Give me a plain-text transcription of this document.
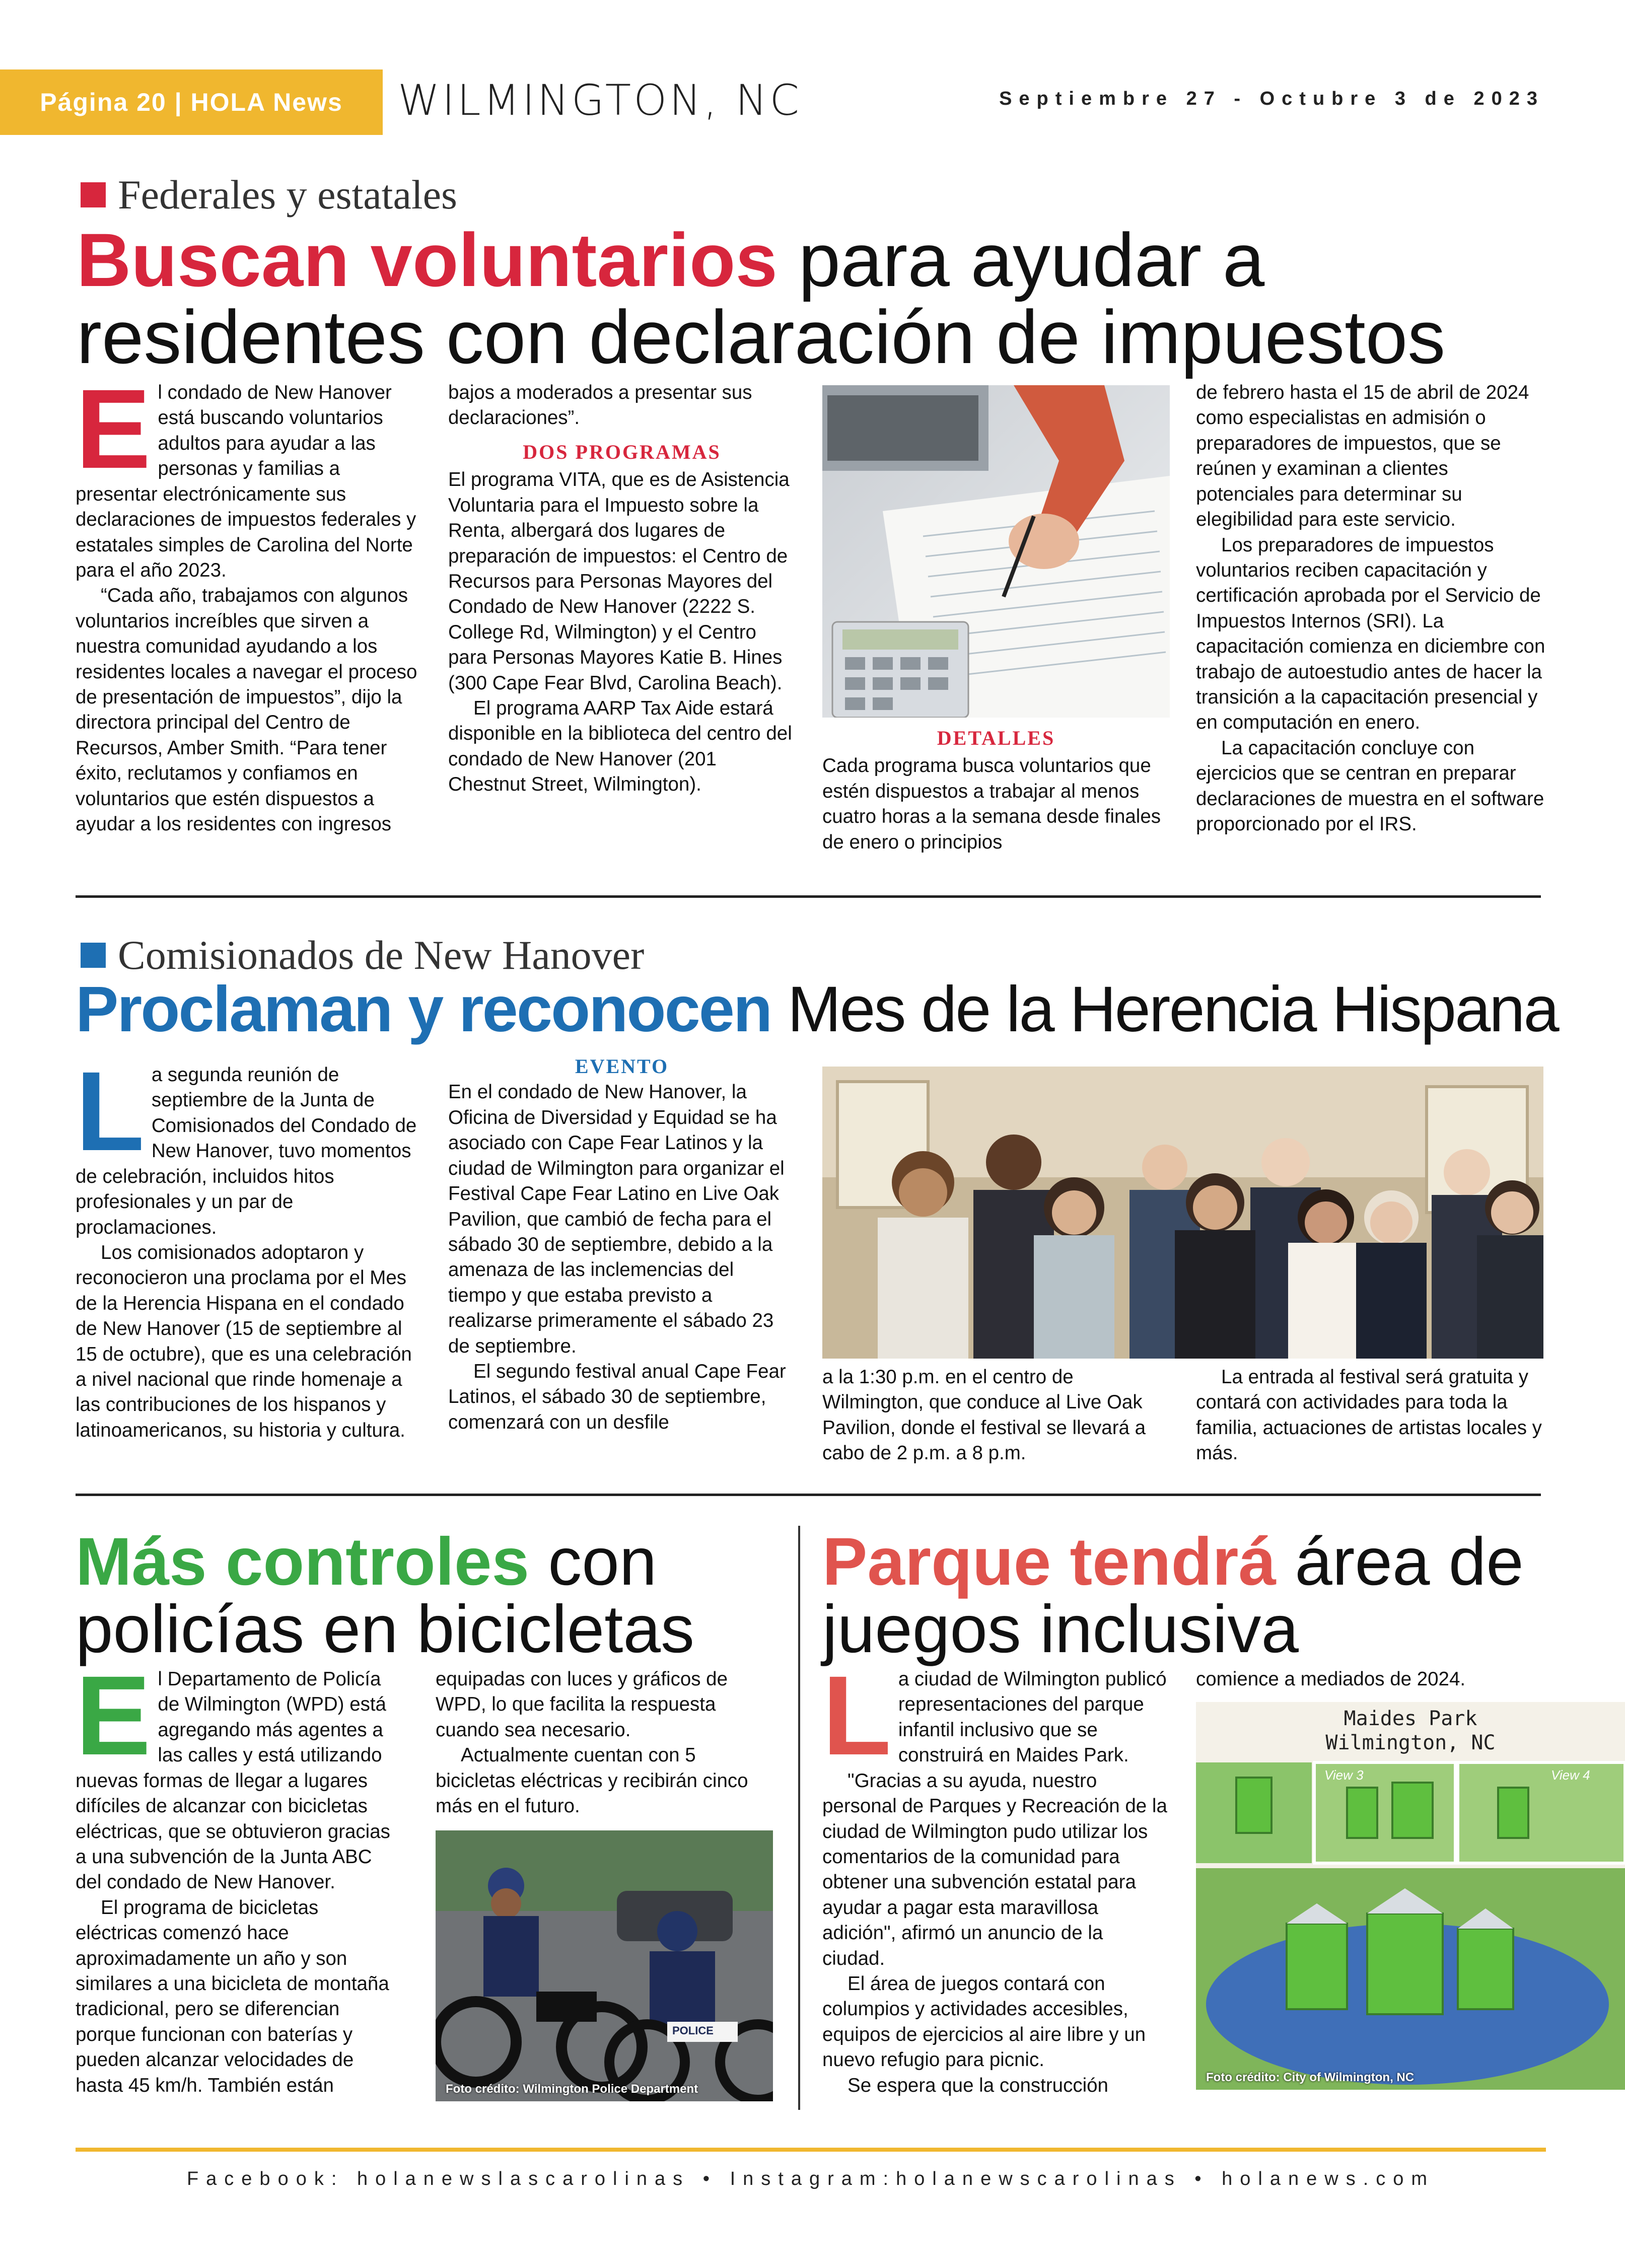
Página 20 | HOLA News	WILMINGTON, NC	Septiembre 27 - Octubre 3 de 2023
Federales y estatales
Buscan voluntarios para ayudar a residentes con declaración de impuestos
E l condado de New Hanover está buscando voluntarios adultos para ayudar a las personas y familias a presentar electrónicamente sus declaraciones de impuestos federales y estatales simples de Carolina del Norte para el año 2023.

“Cada año, trabajamos con algunos voluntarios increíbles que sirven a nuestra comunidad ayudando a los residentes locales a navegar el proceso de presentación de impuestos”, dijo la directora principal del Centro de Recursos, Amber Smith. “Para tener éxito, reclutamos y confiamos en voluntarios que estén dispuestos a ayudar a los residentes con ingresos

bajos a moderados a presentar sus declaraciones”.

DOS PROGRAMAS

El programa VITA, que es de Asistencia Voluntaria para el Impuesto sobre la Renta, albergará dos lugares de preparación de impuestos: el Centro de Recursos para Personas Mayores del Condado de New Hanover (2222 S. College Rd, Wilmington) y el Centro para Personas Mayores Katie B. Hines (300 Cape Fear Blvd, Carolina Beach).

El programa AARP Tax Aide estará disponible en la biblioteca del centro del condado de New Hanover (201 Chestnut Street, Wilmington).

DETALLES

Cada programa busca voluntarios que estén dispuestos a trabajar al menos cuatro horas a la semana desde finales de enero o principios

de febrero hasta el 15 de abril de 2024 como especialistas en admisión o preparadores de impuestos, que se reúnen y examinan a clientes potenciales para determinar su elegibilidad para este servicio.

Los preparadores de impuestos voluntarios reciben capacitación y certificación aprobada por el Servicio de Impuestos Internos (SRI). La capacitación comienza en diciembre con trabajo de autoestudio antes de hacer la transición a la capacitación presencial y en computación en enero.

La capacitación concluye con ejercicios que se centran en preparar declaraciones de muestra en el software proporcionado por el IRS.

Comisionados de New Hanover
Proclaman y reconocen Mes de la Herencia Hispana
L a segunda reunión de septiembre de la Junta de Comisionados del Condado de New Hanover, tuvo momentos de celebración, incluidos hitos profesionales y un par de proclamaciones.

Los comisionados adoptaron y reconocieron una proclama por el Mes de la Herencia Hispana en el condado de New Hanover (15 de septiembre al 15 de octubre), que es una celebración a nivel nacional que rinde homenaje a las contribuciones de los hispanos y latinoamericanos, su historia y cultura.

EVENTO

En el condado de New Hanover, la Oficina de Diversidad y Equidad se ha asociado con Cape Fear Latinos y la ciudad de Wilmington para organizar el Festival Cape Fear Latino en Live Oak Pavilion, que cambió de fecha para el sábado 30 de septiembre, debido a la amenaza de las inclemencias del tiempo y que estaba previsto a realizarse primeramente el sábado 23 de septiembre.

El segundo festival anual Cape Fear Latinos, el sábado 30 de septiembre, comenzará con un desfile

a la 1:30 p.m. en el centro de Wilmington, que conduce al Live Oak Pavilion, donde el festival se llevará a cabo de 2 p.m. a 8 p.m.

La entrada al festival será gratuita y contará con actividades para toda la familia, actuaciones de artistas locales y más.

Más controles con policías en bicicletas
E l Departamento de Policía de Wilmington (WPD) está agregando más agentes a las calles y está utilizando nuevas formas de llegar a lugares difíciles de alcanzar con bicicletas eléctricas, que se obtuvieron gracias a una subvención de la Junta ABC del condado de New Hanover.

El programa de bicicletas eléctricas comenzó hace aproximadamente un año y son similares a una bicicleta de montaña tradicional, pero se diferencian porque funcionan con baterías y pueden alcanzar velocidades de hasta 45 km/h. También están

equipadas con luces y gráficos de WPD, lo que facilita la respuesta cuando sea necesario.

Actualmente cuentan con 5 bicicletas eléctricas y recibirán cinco más en el futuro.

POLICE
Foto crédito: Wilmington Police Department
Parque tendrá área de juegos inclusiva
L a ciudad de Wilmington publicó representaciones del parque infantil inclusivo que se construirá en Maides Park.

"Gracias a su ayuda, nuestro personal de Parques y Recreación de la ciudad de Wilmington pudo utilizar los comentarios de la comunidad para obtener una subvención estatal para ayudar a pagar esta maravillosa adición", afirmó un anuncio de la ciudad.

El área de juegos contará con columpios y actividades accesibles, equipos de ejercicios al aire libre y un nuevo refugio para picnic.

Se espera que la construcción

comience a mediados de 2024.

Maides Park
Wilmington, NC
View 3	View 4
Foto crédito: City of Wilmington, NC
Facebook: holanewslascarolinas • Instagram:holanewscarolinas • holanews.com
